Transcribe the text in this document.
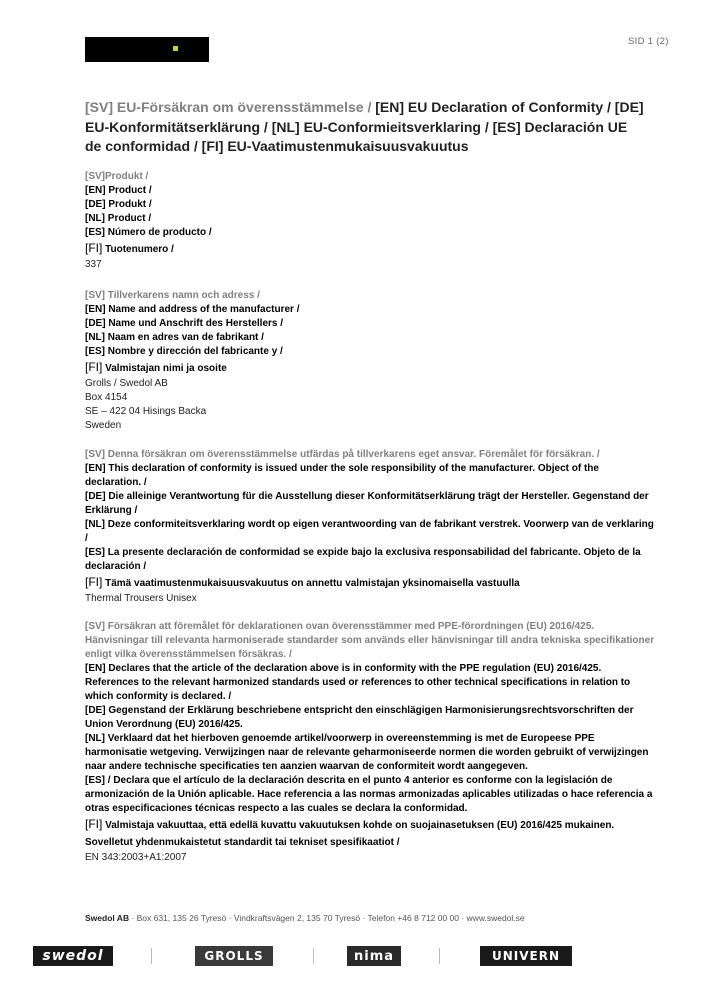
SID 1 (2)
[SV] EU-Försäkran om överensstämmelse / [EN] EU Declaration of Conformity / [DE] EU-Konformitätserklärung / [NL] EU-Conformieitsverklaring / [ES] Declaración UE de conformidad / [FI] EU-Vaatimustenmukaisuusvakuutus

[SV]Produkt /

[EN] Product /

[DE] Produkt /

[NL] Product /

[ES] Número de producto /

[FI] Tuotenumero /

337

[SV] Tillverkarens namn och adress /

[EN] Name and address of the manufacturer /

[DE] Name und Anschrift des Herstellers /

[NL] Naam en adres van de fabrikant /

[ES] Nombre y dirección del fabricante y /

[FI] Valmistajan nimi ja osoite

Grolls / Swedol AB

Box 4154

SE – 422 04 Hisings Backa

Sweden

[SV] Denna försäkran om överensstämmelse utfärdas på tillverkarens eget ansvar. Föremålet för försäkran. /

[EN] This declaration of conformity is issued under the sole responsibility of the manufacturer. Object of the declaration. /

[DE] Die alleinige Verantwortung für die Ausstellung dieser Konformitätserklärung trägt der Hersteller. Gegenstand der Erklärung /

[NL] Deze conformiteitsverklaring wordt op eigen verantwoording van de fabrikant verstrek. Voorwerp van de verklaring /

[ES] La presente declaración de conformidad se expide bajo la exclusiva responsabilidad del fabricante. Objeto de la declaración /

[FI] Tämä vaatimustenmukaisuusvakuutus on annettu valmistajan yksinomaisella vastuulla

Thermal Trousers Unisex

[SV] Försäkran att föremålet för deklarationen ovan överensstämmer med PPE-förordningen (EU) 2016/425. Hänvisningar till relevanta harmoniserade standarder som används eller hänvisningar till andra tekniska specifikationer enligt vilka överensstämmelsen försäkras. /

[EN] Declares that the article of the declaration above is in conformity with the PPE regulation (EU) 2016/425. References to the relevant harmonized standards used or references to other technical specifications in relation to which conformity is declared. /

[DE] Gegenstand der Erklärung beschriebene entspricht den einschlägigen Harmonisierungsrechtsvorschriften der Union Verordnung (EU) 2016/425.

[NL] Verklaard dat het hierboven genoemde artikel/voorwerp in overeenstemming is met de Europeese PPE harmonisatie wetgeving. Verwijzingen naar de relevante geharmoniseerde normen die worden gebruikt of verwijzingen naar andere technische specificaties ten aanzien waarvan de conformiteit wordt aangegeven.

[ES] / Declara que el artículo de la declaración descrita en el punto 4 anterior es conforme con la legislación de armonización de la Unión aplicable. Hace referencia a las normas armonizadas aplicables utilizadas o hace referencia a otras especificaciones técnicas respecto a las cuales se declara la conformidad.

[FI] Valmistaja vakuuttaa, että edellä kuvattu vakuutuksen kohde on suojainasetuksen (EU) 2016/425 mukainen. Sovelletut yhdenmukaistetut standardit tai tekniset spesifikaatiot /

EN 343:2003+A1:2007

Swedol AB · Box 631, 135 26 Tyresö · Vindkraftsvägen 2, 135 70 Tyresö · Telefon +46 8 712 00 00 · www.swedol.se
swedol	GROLLS	nima	UNIVERN
